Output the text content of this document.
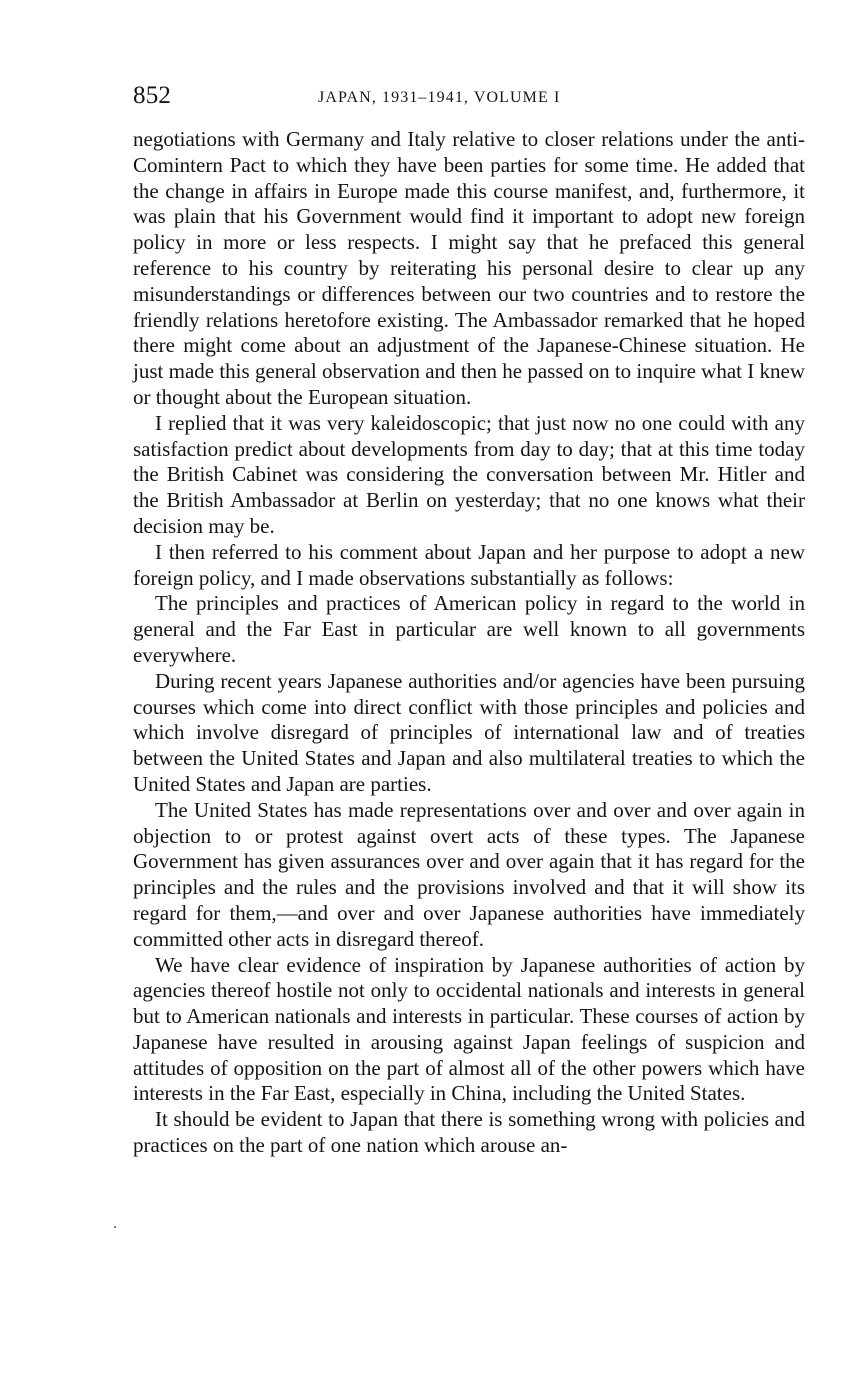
852	JAPAN, 1931–1941, VOLUME I

negotiations with Germany and Italy relative to closer relations under the anti-Comintern Pact to which they have been parties for some time. He added that the change in affairs in Europe made this course manifest, and, furthermore, it was plain that his Government would find it important to adopt new foreign policy in more or less respects. I might say that he prefaced this general reference to his country by reiterating his personal desire to clear up any misunderstandings or differences between our two countries and to restore the friendly relations heretofore existing. The Ambassador remarked that he hoped there might come about an adjustment of the Japanese-Chinese situation. He just made this general observation and then he passed on to inquire what I knew or thought about the European situation.

I replied that it was very kaleidoscopic; that just now no one could with any satisfaction predict about developments from day to day; that at this time today the British Cabinet was considering the conversation between Mr. Hitler and the British Ambassador at Berlin on yesterday; that no one knows what their decision may be.

I then referred to his comment about Japan and her purpose to adopt a new foreign policy, and I made observations substantially as follows:

The principles and practices of American policy in regard to the world in general and the Far East in particular are well known to all governments everywhere.

During recent years Japanese authorities and/or agencies have been pursuing courses which come into direct conflict with those principles and policies and which involve disregard of principles of international law and of treaties between the United States and Japan and also multilateral treaties to which the United States and Japan are parties.

The United States has made representations over and over and over again in objection to or protest against overt acts of these types. The Japanese Government has given assurances over and over again that it has regard for the principles and the rules and the provisions involved and that it will show its regard for them,—and over and over Japanese authorities have immediately committed other acts in disregard thereof.

We have clear evidence of inspiration by Japanese authorities of action by agencies thereof hostile not only to occidental nationals and interests in general but to American nationals and interests in particular. These courses of action by Japanese have resulted in arousing against Japan feelings of suspicion and attitudes of opposition on the part of almost all of the other powers which have interests in the Far East, especially in China, including the United States.

It should be evident to Japan that there is something wrong with policies and practices on the part of one nation which arouse an-
